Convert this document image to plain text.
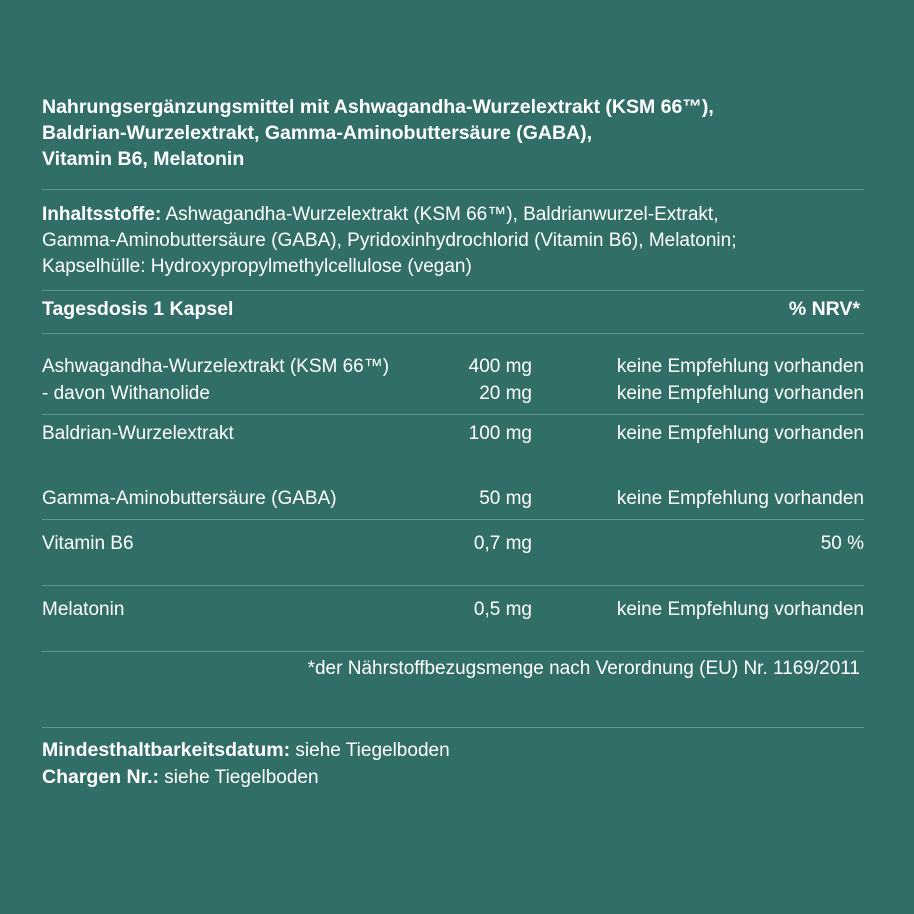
Nahrungsergänzungsmittel mit Ashwagandha-Wurzelextrakt (KSM 66™),
Baldrian-Wurzelextrakt, Gamma-Aminobuttersäure (GABA),
Vitamin B6, Melatonin
Inhaltsstoffe: Ashwagandha-Wurzelextrakt (KSM 66™), Baldrianwurzel-Extrakt,
Gamma-Aminobuttersäure (GABA), Pyridoxinhydrochlorid (Vitamin B6), Melatonin;
Kapselhülle: Hydroxypropylmethylcellulose (vegan)
Tagesdosis 1 Kapsel	% NRV*
Ashwagandha-Wurzelextrakt (KSM 66™)	400 mg	keine Empfehlung vorhanden
- davon Withanolide	20 mg	keine Empfehlung vorhanden
Baldrian-Wurzelextrakt	100 mg	keine Empfehlung vorhanden
Gamma-Aminobuttersäure (GABA)	50 mg	keine Empfehlung vorhanden
Vitamin B6	0,7 mg	50 %
Melatonin	0,5 mg	keine Empfehlung vorhanden
*der Nährstoffbezugsmenge nach Verordnung (EU) Nr. 1169/2011
Mindesthaltbarkeitsdatum: siehe Tiegelboden
Chargen Nr.: siehe Tiegelboden
